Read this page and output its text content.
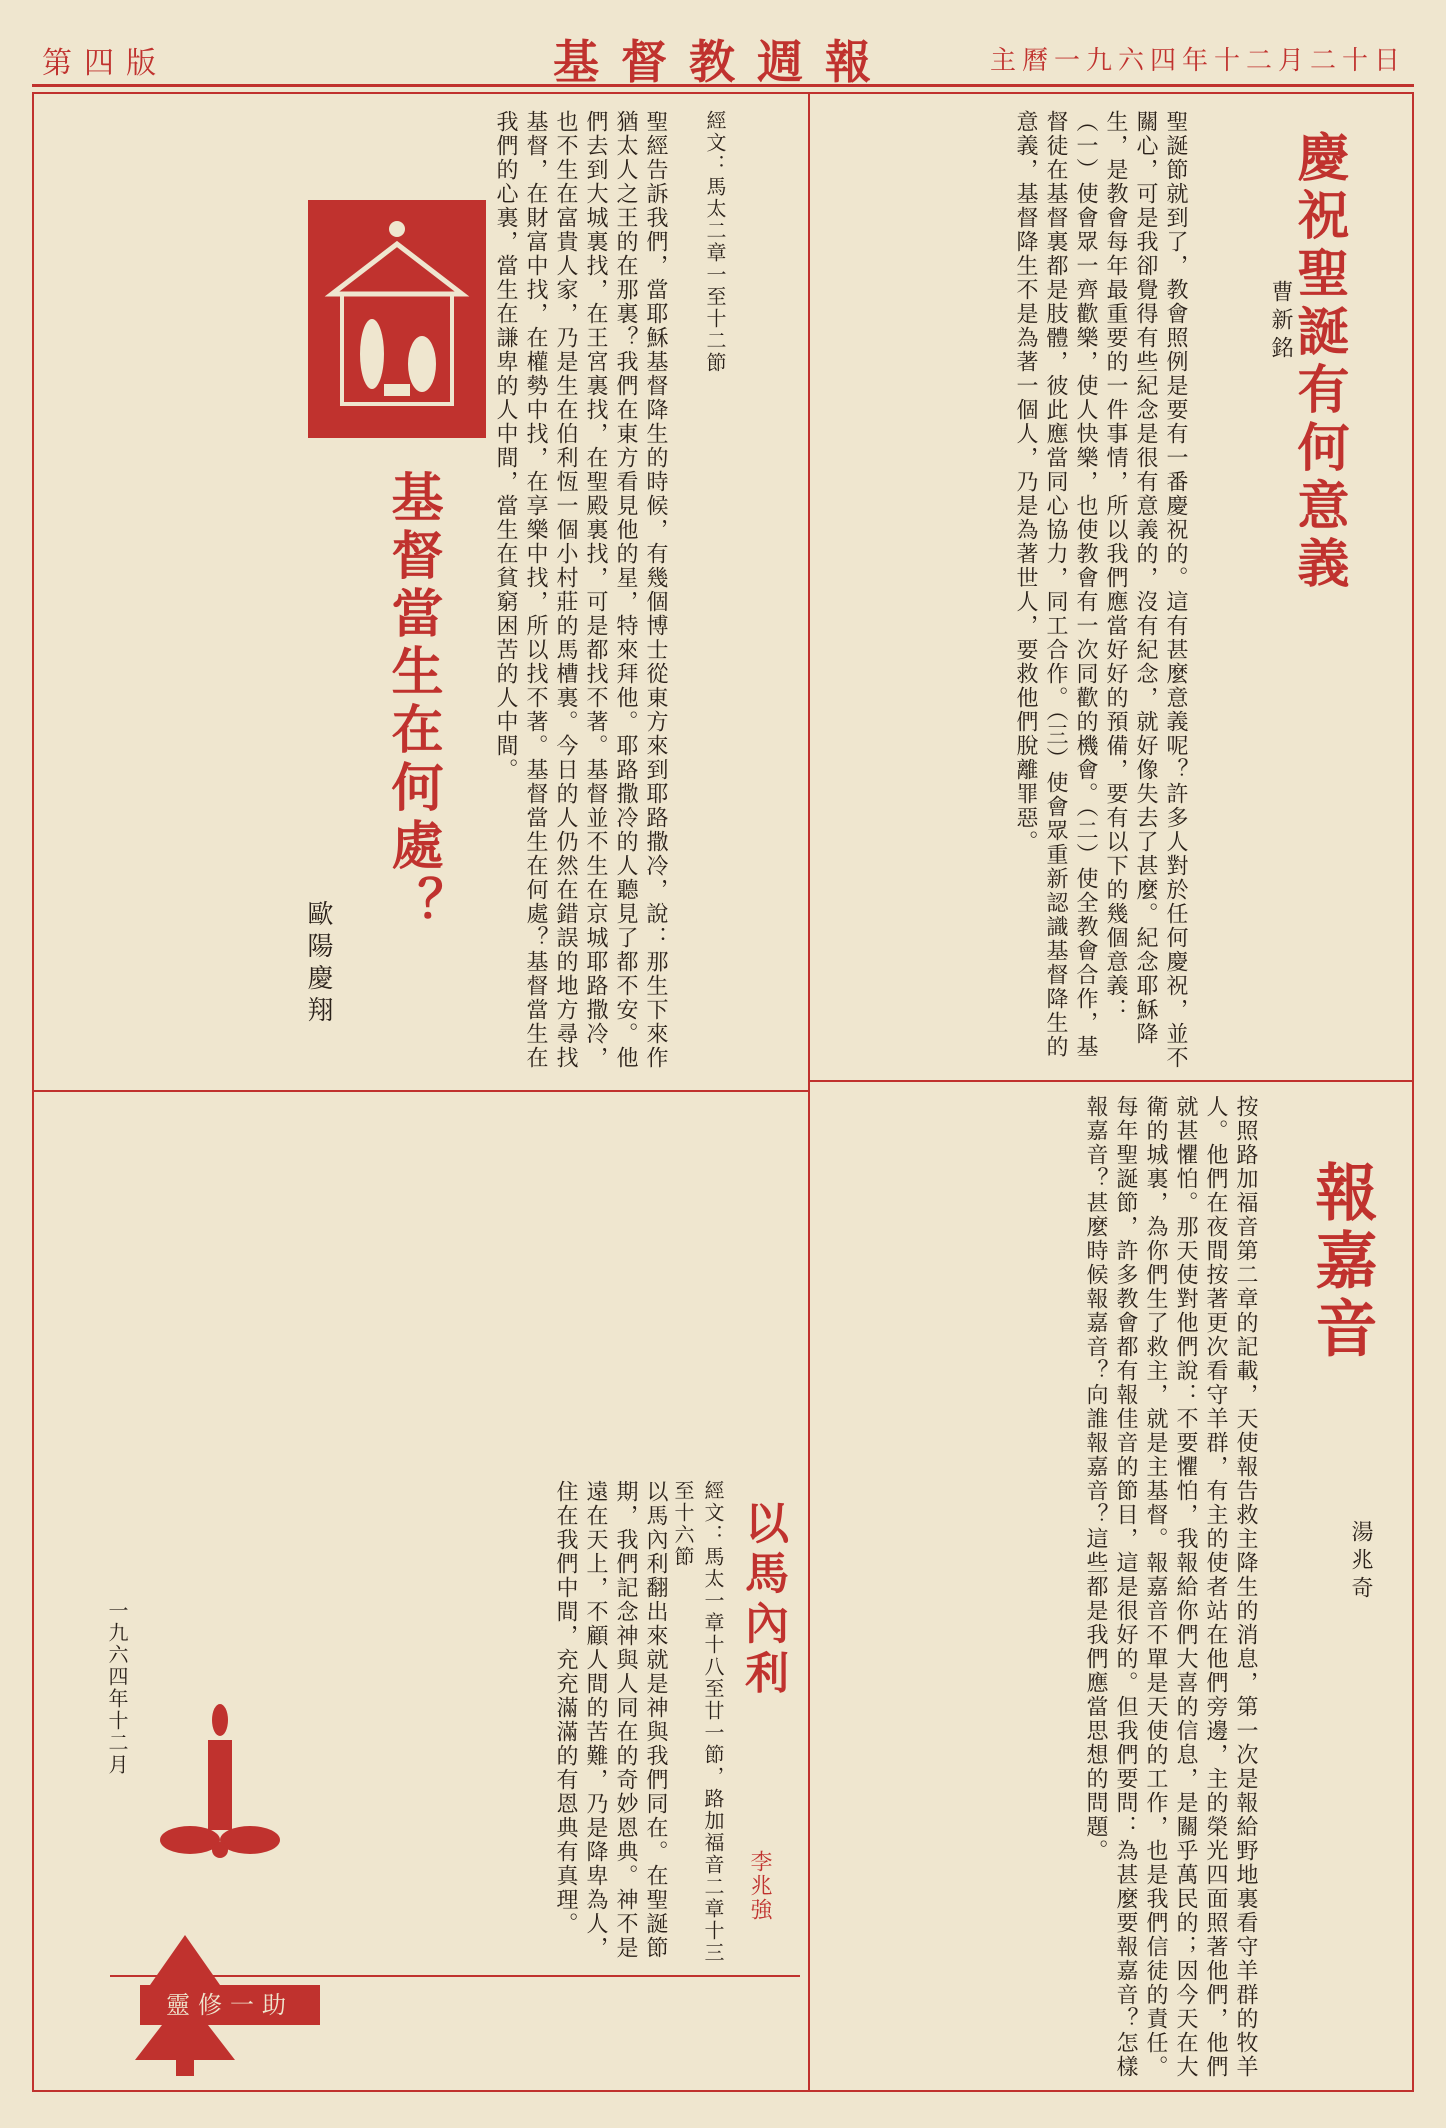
第四版	基督教週報	主曆一九六四年十二月二十日
慶祝聖誕有何意義
曹新銘
聖誕節就到了，教會照例是要有一番慶祝的。這有甚麼意義呢？許多人對於任何慶祝，並不關心，可是我卻覺得有些紀念是很有意義的，沒有紀念，就好像失去了甚麼。紀念耶穌降生，是教會每年最重要的一件事情，所以我們應當好好的預備，要有以下的幾個意義：（一）使會眾一齊歡樂，使人快樂，也使教會有一次同歡的機會。（二）使全教會合作，基督徒在基督裏都是肢體，彼此應當同心協力，同工合作。（三）使會眾重新認識基督降生的意義，基督降生不是為著一個人，乃是為著世人，要救他們脫離罪惡。
基督當生在何處？
歐陽慶翔
經文：馬太二章一至十二節
聖經告訴我們，當耶穌基督降生的時候，有幾個博士從東方來到耶路撒冷，說：那生下來作猶太人之王的在那裏？我們在東方看見他的星，特來拜他。耶路撒冷的人聽見了都不安。他們去到大城裏找，在王宮裏找，在聖殿裏找，可是都找不著。基督並不生在京城耶路撒冷，也不生在富貴人家，乃是生在伯利恆一個小村莊的馬槽裏。今日的人仍然在錯誤的地方尋找基督，在財富中找，在權勢中找，在享樂中找，所以找不著。基督當生在何處？基督當生在我們的心裏，當生在謙卑的人中間，當生在貧窮困苦的人中間。
一九六四年十二月
報嘉音
湯兆奇
按照路加福音第二章的記載，天使報告救主降生的消息，第一次是報給野地裏看守羊群的牧羊人。他們在夜間按著更次看守羊群，有主的使者站在他們旁邊，主的榮光四面照著他們，他們就甚懼怕。那天使對他們說：不要懼怕，我報給你們大喜的信息，是關乎萬民的；因今天在大衛的城裏，為你們生了救主，就是主基督。報嘉音不單是天使的工作，也是我們信徒的責任。每年聖誕節，許多教會都有報佳音的節目，這是很好的。但我們要問：為甚麼要報嘉音？怎樣報嘉音？甚麼時候報嘉音？向誰報嘉音？這些都是我們應當思想的問題。
以馬內利
李兆強
經文：馬太一章十八至廿一節，路加福音二章十三至十六節
以馬內利翻出來就是神與我們同在。在聖誕節期，我們記念神與人同在的奇妙恩典。神不是遠在天上，不顧人間的苦難，乃是降卑為人，住在我們中間，充充滿滿的有恩典有真理。
靈修一助
